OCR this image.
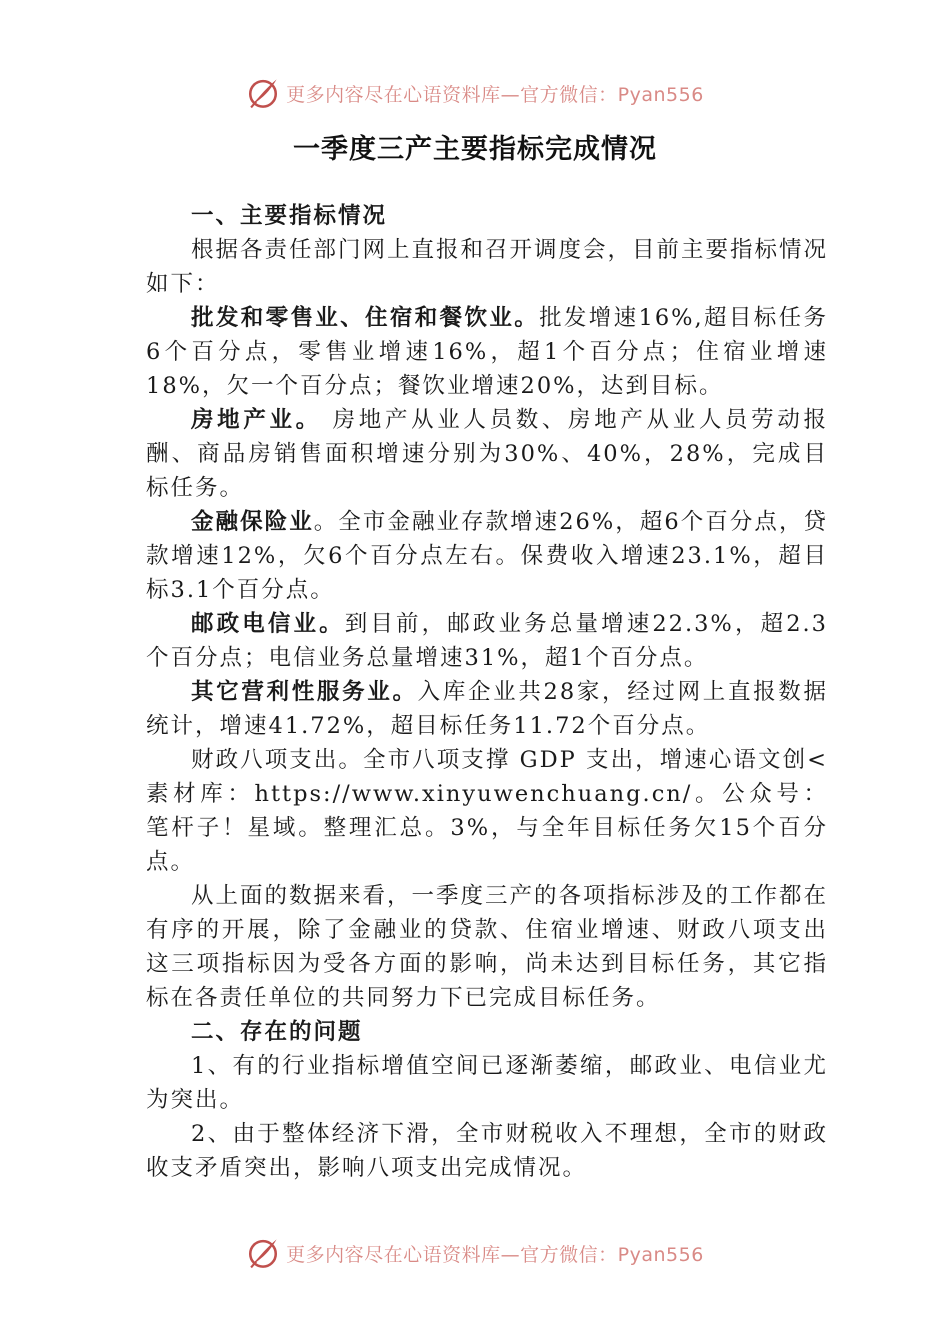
更多内容尽在心语资料库—官方微信：Pyan556
一季度三产主要指标完成情况
一、主要指标情况

根据各责任部门网上直报和召开调度会，目前主要指标情况如下：

批发和零售业、住宿和餐饮业。批发增速16%,超目标任务6个百分点，零售业增速16%，超1个百分点；住宿业增速18%，欠一个百分点；餐饮业增速20%，达到目标。

房地产业。 房地产从业人员数、房地产从业人员劳动报酬、商品房销售面积增速分别为30%、40%，28%，完成目标任务。

金融保险业。全市金融业存款增速26%，超6个百分点，贷款增速12%，欠6个百分点左右。保费收入增速23.1%，超目标3.1个百分点。

邮政电信业。到目前，邮政业务总量增速22.3%，超2.3个百分点；电信业务总量增速31%，超1个百分点。

其它营利性服务业。入库企业共28家，经过网上直报数据统计，增速41.72%，超目标任务11.72个百分点。

财政八项支出。全市八项支撑 GDP 支出，增速心语文创<素材库：https://www.xinyuwenchuang.cn/。公众号：笔杆子！星域。整理汇总。3%，与全年目标任务欠15个百分点。

从上面的数据来看，一季度三产的各项指标涉及的工作都在有序的开展，除了金融业的贷款、住宿业增速、财政八项支出这三项指标因为受各方面的影响，尚未达到目标任务，其它指标在各责任单位的共同努力下已完成目标任务。

二、存在的问题

1、有的行业指标增值空间已逐渐萎缩，邮政业、电信业尤为突出。

2、由于整体经济下滑，全市财税收入不理想，全市的财政收支矛盾突出，影响八项支出完成情况。

更多内容尽在心语资料库—官方微信：Pyan556
